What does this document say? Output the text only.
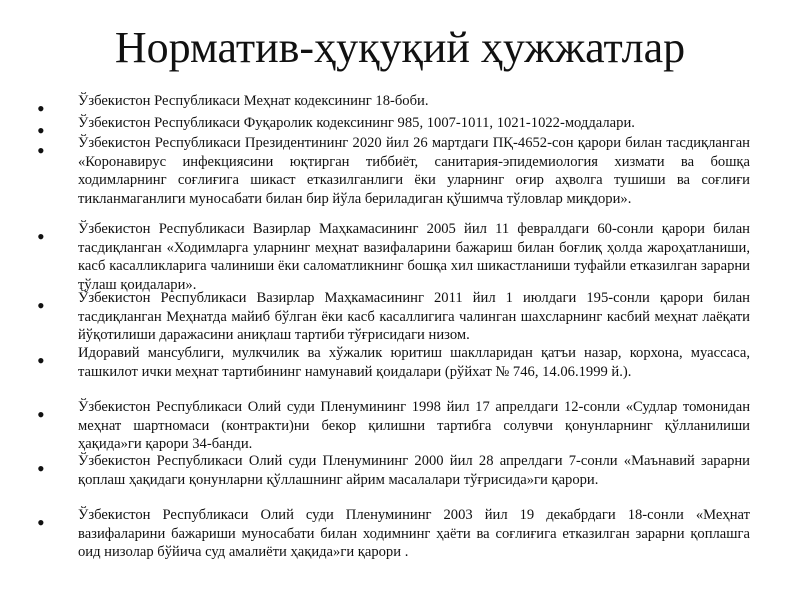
Норматив-ҳуқуқий ҳужжатлар
• Ўзбекистон Республикаси Меҳнат кодексининг 18-боби.

• Ўзбекистон Республикаси Фуқаролик кодексининг 985, 1007-1011, 1021-1022-моддалари.

• Ўзбекистон Республикаси Президентининг 2020 йил 26 мартдаги ПҚ-4652-сон қарори билан тасдиқланган «Коронавирус инфекциясини юқтирган тиббиёт, санитария-эпидемиология хизмати ва бошқа ходимларнинг соғлиғига шикаст етказилганлиги ёки уларнинг оғир аҳволга тушиши ва соғлиғи тикланмаганлиги муносабати билан бир йўла бериладиган қўшимча тўловлар миқдори».

• Ўзбекистон Республикаси Вазирлар Маҳкамасининг 2005 йил 11 февралдаги 60-сонли қарори билан тасдиқланган «Ходимларга уларнинг меҳнат вазифаларини бажариш билан боғлиқ ҳолда жароҳатланиши, касб касалликларига чалиниши ёки саломатликнинг бошқа хил шикастланиши туфайли етказилган зарарни тўлаш қоидалари».

• Ўзбекистон Республикаси Вазирлар Маҳкамасининг 2011 йил 1 июлдаги 195-сонли қарори билан тасдиқланган Меҳнатда майиб бўлган ёки касб касаллигига чалинган шахсларнинг касбий меҳнат лаёқати йўқотилиши даражасини аниқлаш тартиби тўғрисидаги низом.

• Идоравий мансублиги, мулкчилик ва хўжалик юритиш шаклларидан қатъи назар, корхона, муассаса, ташкилот ички меҳнат тартибининг намунавий қоидалари (рўйхат № 746, 14.06.1999 й.).

• Ўзбекистон Республикаси Олий суди Пленумининг 1998 йил 17 апрелдаги 12-сонли «Судлар томонидан меҳнат шартномаси (контракти)ни бекор қилишни тартибга солувчи қонунларнинг қўлланилиши ҳақида»ги қарори 34-банди.

• Ўзбекистон Республикаси Олий суди Пленумининг 2000 йил 28 апрелдаги 7-сонли «Маънавий зарарни қоплаш ҳақидаги қонунларни қўллашнинг айрим масалалари тўғрисида»ги қарори.

• Ўзбекистон Республикаси Олий суди Пленумининг 2003 йил 19 декабрдаги 18-сонли «Меҳнат вазифаларини бажариши муносабати билан ходимнинг ҳаёти ва соғлиғига етказилган зарарни қоплашга оид низолар бўйича суд амалиёти ҳақида»ги қарори .
